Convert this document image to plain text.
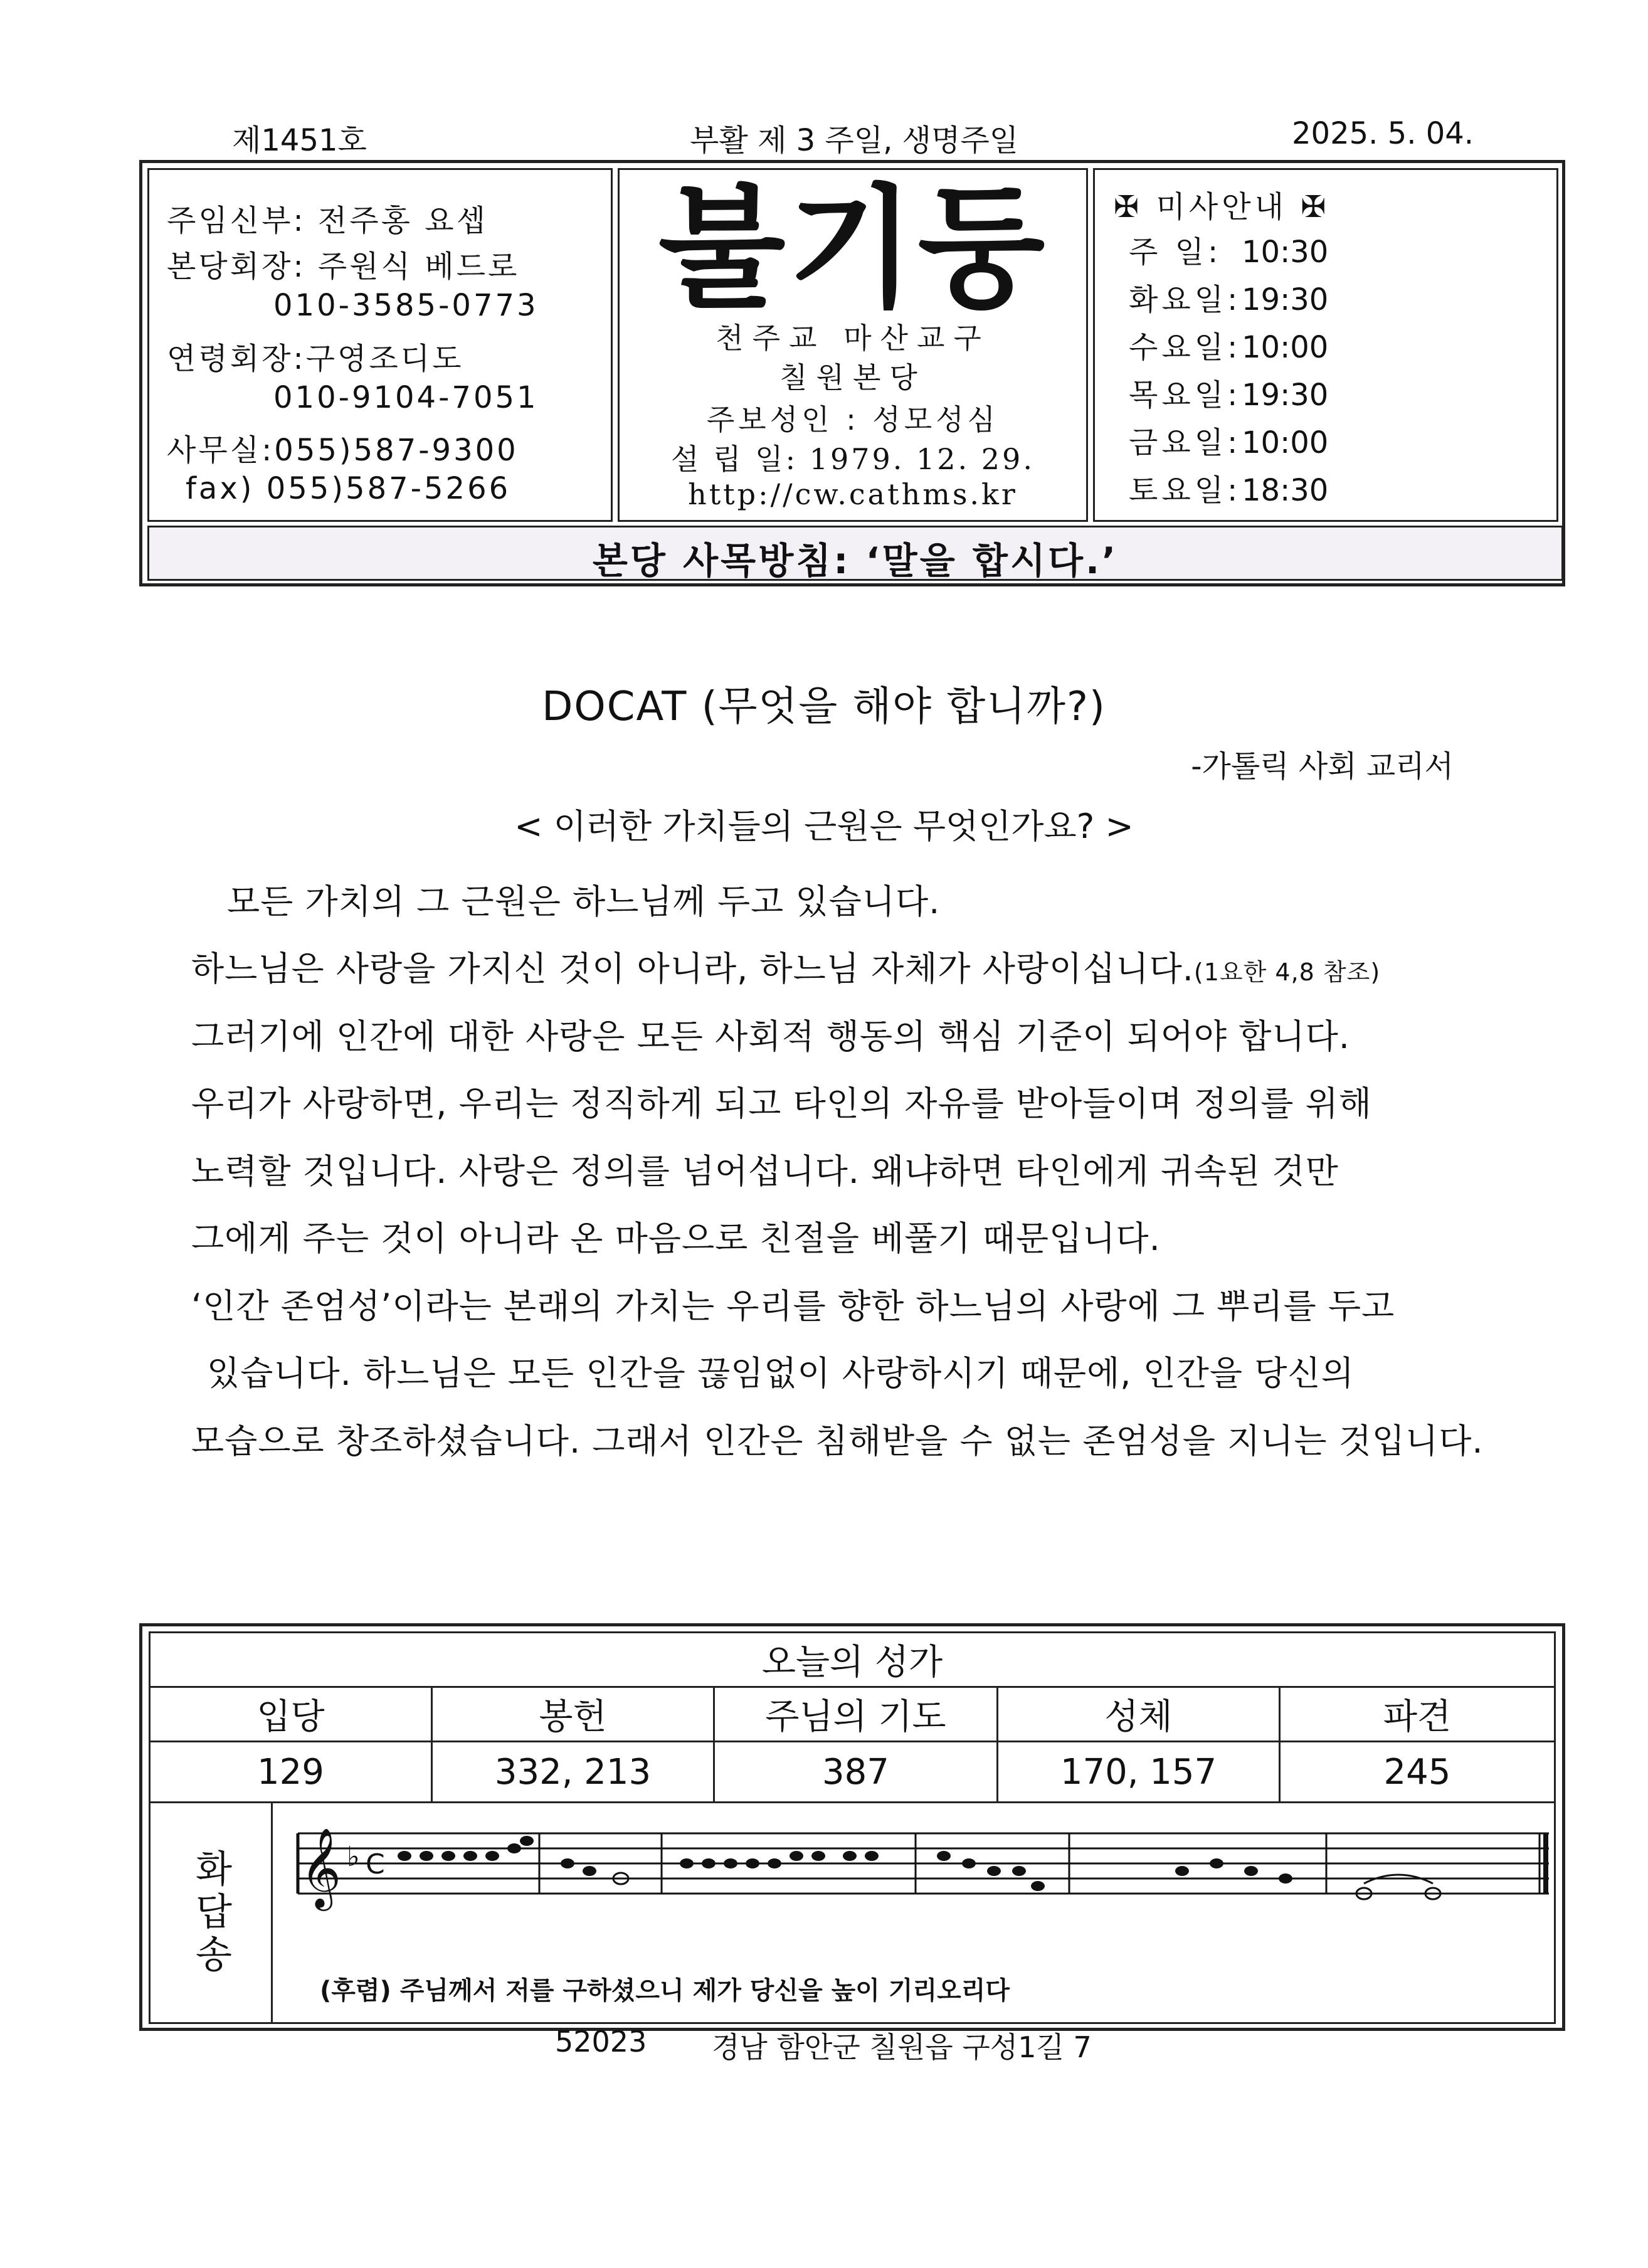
제1451호	부활 제 3 주일, 생명주일	2025. 5. 04.
주임신부: 전주홍 요셉
본당회장: 주원식 베드로
010-3585-0773
연령회장:구영조디도
010-9104-7051
사무실:055)587-9300
fax) 055)587-5266
불기둥
천주교 마산교구
칠원본당
주보성인 : 성모성심
설 립 일: 1979. 12. 29.
http://cw.cathms.kr
✠ 미사안내 ✠
주 일: 10:30
화요일:19:30
수요일:10:00
목요일:19:30
금요일:10:00
토요일:18:30
본당 사목방침: ‘말을 합시다.’
DOCAT (무엇을 해야 합니까?)
-가톨릭 사회 교리서
< 이러한 가치들의 근원은 무엇인가요? >
모든 가치의 그 근원은 하느님께 두고 있습니다.
하느님은 사랑을 가지신 것이 아니라, 하느님 자체가 사랑이십니다.(1요한 4,8 참조)
그러기에 인간에 대한 사랑은 모든 사회적 행동의 핵심 기준이 되어야 합니다.
우리가 사랑하면, 우리는 정직하게 되고 타인의 자유를 받아들이며 정의를 위해
노력할 것입니다. 사랑은 정의를 넘어섭니다. 왜냐하면 타인에게 귀속된 것만
그에게 주는 것이 아니라 온 마음으로 친절을 베풀기 때문입니다.
‘인간 존엄성’이라는 본래의 가치는 우리를 향한 하느님의 사랑에 그 뿌리를 두고
있습니다. 하느님은 모든 인간을 끊임없이 사랑하시기 때문에, 인간을 당신의
모습으로 창조하셨습니다. 그래서 인간은 침해받을 수 없는 존엄성을 지니는 것입니다.
오늘의 성가
입당	봉헌	주님의 기도	성체	파견
129	332, 213	387	170, 157	245
화답송 𝄞 ♭ C
(후렴) 주님께서 저를 구하셨으니 제가 당신을 높이 기리오리다
52023 경남 함안군 칠원읍 구성1길 7
